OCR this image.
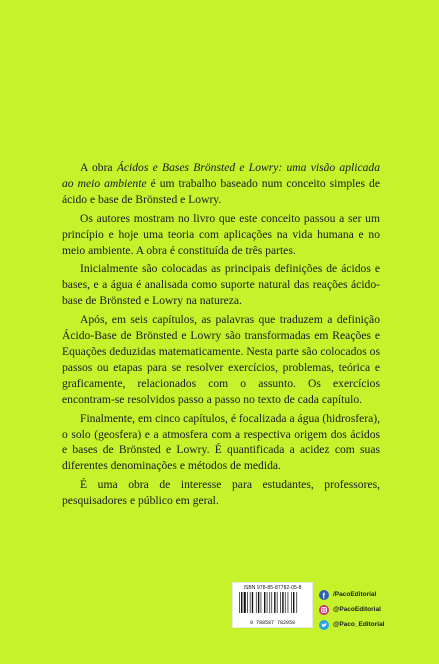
A obra Ácidos e Bases Brönsted e Lowry: uma visão aplicada ao meio ambiente é um trabalho baseado num conceito simples de ácido e base de Brönsted e Lowry.

Os autores mostram no livro que este conceito passou a ser um princípio e hoje uma teoria com aplicações na vida humana e no meio ambiente. A obra é constituída de três partes.

Inicialmente são colocadas as principais definições de ácidos e bases, e a água é analisada como suporte natural das reações ácido-base de Brönsted e Lowry na natureza.

Após, em seis capítulos, as palavras que traduzem a definição Ácido-Base de Brönsted e Lowry são transformadas em Reações e Equações deduzidas matematicamente. Nesta parte são colocados os passos ou etapas para se resolver exercícios, problemas, teórica e graficamente, relacionados com o assunto. Os exercícios encontram-se resolvidos passo a passo no texto de cada capítulo.

Finalmente, em cinco capítulos, é focalizada a água (hidrosfera), o solo (geosfera) e a atmosfera com a respectiva origem dos ácidos e bases de Brönsted e Lowry. É quantificada a acidez com suas diferentes denominações e métodos de medida.

É uma obra de interesse para estudantes, professores, pesquisadores e público em geral.

ISBN 978-85-87782-05-8
9 788587 782058
f /PacoEditorial
@PacoEditorial
@Paco_Editorial
